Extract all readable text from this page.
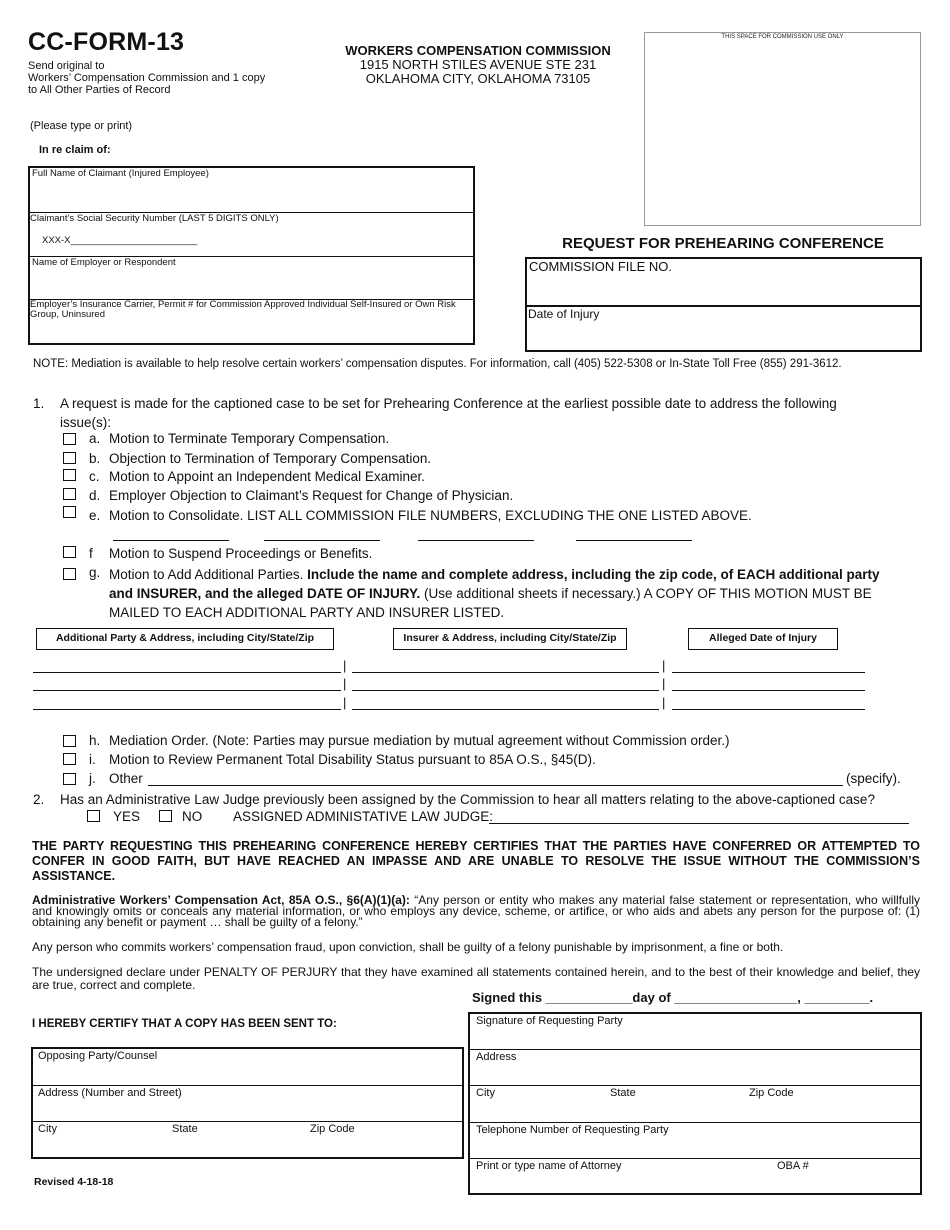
CC-FORM-13
Send original to
Workers’ Compensation Commission and 1 copy
to All Other Parties of Record
WORKERS COMPENSATION COMMISSION
1915 NORTH STILES AVENUE STE 231
OKLAHOMA CITY, OKLAHOMA 73105
THIS SPACE FOR COMMISSION USE ONLY
(Please type or print)
In re claim of:
Full Name of Claimant (Injured Employee)
Claimant’s Social Security Number (LAST 5 DIGITS ONLY)
XXX-X________________________
Name of Employer or Respondent
Employer’s Insurance Carrier, Permit # for Commission Approved Individual Self-Insured or Own Risk Group, Uninsured
REQUEST FOR PREHEARING CONFERENCE
COMMISSION FILE NO.
Date of Injury
NOTE: Mediation is available to help resolve certain workers’ compensation disputes. For information, call (405) 522-5308 or In-State Toll Free (855) 291-3612.
1. A request is made for the captioned case to be set for Prehearing Conference at the earliest possible date to address the following
issue(s):
a. Motion to Terminate Temporary Compensation.
b. Objection to Termination of Temporary Compensation.
c. Motion to Appoint an Independent Medical Examiner.
d. Employer Objection to Claimant’s Request for Change of Physician.
e. Motion to Consolidate. LIST ALL COMMISSION FILE NUMBERS, EXCLUDING THE ONE LISTED ABOVE.
f Motion to Suspend Proceedings or Benefits.
g. Motion to Add Additional Parties. Include the name and complete address, including the zip code, of EACH additional party
and INSURER, and the alleged DATE OF INJURY. (Use additional sheets if necessary.) A COPY OF THIS MOTION MUST BE
MAILED TO EACH ADDITIONAL PARTY AND INSURER LISTED.
Additional Party & Address, including City/State/Zip	Insurer & Address, including City/State/Zip	Alleged Date of Injury
|	|
|	|
|	|
h. Mediation Order. (Note: Parties may pursue mediation by mutual agreement without Commission order.)
i. Motion to Review Permanent Total Disability Status pursuant to 85A O.S., §45(D).
j. Other	(specify).
2. Has an Administrative Law Judge previously been assigned by the Commission to hear all matters relating to the above-captioned case?
YES	NO ASSIGNED ADMINISTATIVE LAW JUDGE:
THE PARTY REQUESTING THIS PREHEARING CONFERENCE HEREBY CERTIFIES THAT THE PARTIES HAVE CONFERRED OR ATTEMPTED TO CONFER IN GOOD FAITH, BUT HAVE REACHED AN IMPASSE AND ARE UNABLE TO RESOLVE THE ISSUE WITHOUT THE COMMISSION’S ASSISTANCE.
Administrative Workers’ Compensation Act, 85A O.S., §6(A)(1)(a): “Any person or entity who makes any material false statement or representation, who willfully and knowingly omits or conceals any material information, or who employs any device, scheme, or artifice, or who aids and abets any person for the purpose of: (1) obtaining any benefit or payment … shall be guilty of a felony.”
Any person who commits workers’ compensation fraud, upon conviction, shall be guilty of a felony punishable by imprisonment, a fine or both.
The undersigned declare under PENALTY OF PERJURY that they have examined all statements contained herein, and to the best of their knowledge and belief, they are true, correct and complete.
Signed this ____________day of _________________, _________.
I HEREBY CERTIFY THAT A COPY HAS BEEN SENT TO:
Opposing Party/Counsel
Address (Number and Street)
City	State	Zip Code
Signature of Requesting Party
Address
City	State	Zip Code
Telephone Number of Requesting Party
Print or type name of Attorney	OBA #
Revised 4-18-18
